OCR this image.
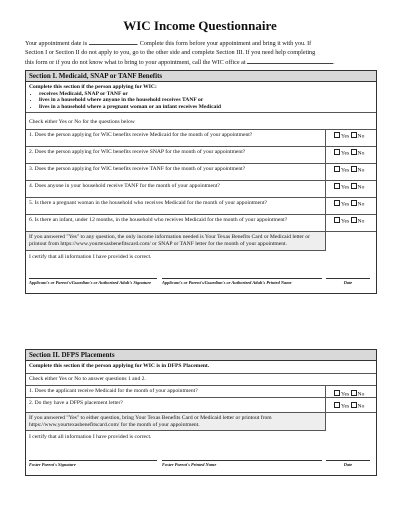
WIC Income Questionnaire
Your appointment date is	. Complete this form before your appointment and bring it with you. If
Section I or Section II do not apply to you, go to the other side and complete Section III. If you need help completing
this form or if you do not know what to bring to your appointment, call the WIC office at	.
Section I. Medicaid, SNAP or TANF Benefits
Complete this section if the person applying for WIC:
• receives Medicaid, SNAP or TANF or
• lives in a household where anyone in the household receives TANF or
• lives in a household where a pregnant woman or an infant receives Medicaid
Check either Yes or No for the questions below
1. Does the person applying for WIC benefits receive Medicaid for the month of your appointment?	Yes No
2. Does the person applying for WIC benefits receive SNAP for the month of your appointment?	Yes No
3. Does the person applying for WIC benefits receive TANF for the month of your appointment?	Yes No
4. Does anyone in your household receive TANF for the month of your appointment?	Yes No
5. Is there a pregnant woman in the household who receives Medicaid for the month of your appointment?	Yes No
6. Is there an infant, under 12 months, in the household who receives Medicaid for the month of your appointment?	Yes No
If you answered "Yes" to any question, the only income information needed is Your Texas Benefits Card or Medicaid letter or printout from https://www.yourtexasbenefitscard.com/ or SNAP or TANF letter for the month of your appointment.
I certify that all information I have provided is correct.
Applicant's or Parent's/Guardian's or Authorized Adult's Signature	Applicant's or Parent's/Guardian's or Authorized Adult's Printed Name	Date
Section II. DFPS Placements
Complete this section if the person applying for WIC is in DFPS Placement.
Check either Yes or No to answer questions 1 and 2.
1. Does the applicant receive Medicaid for the month of your appointment?
Yes No
2. Do they have a DFPS placement letter?
Yes No
If you answered "Yes" to either question, bring Your Texas Benefits Card or Medicaid letter or printout from https://www.yourtexasbenefitscard.com/ for the month of your appointment.
I certify that all information I have provided is correct.
Foster Parent's Signature	Foster Parent's Printed Name	Date
